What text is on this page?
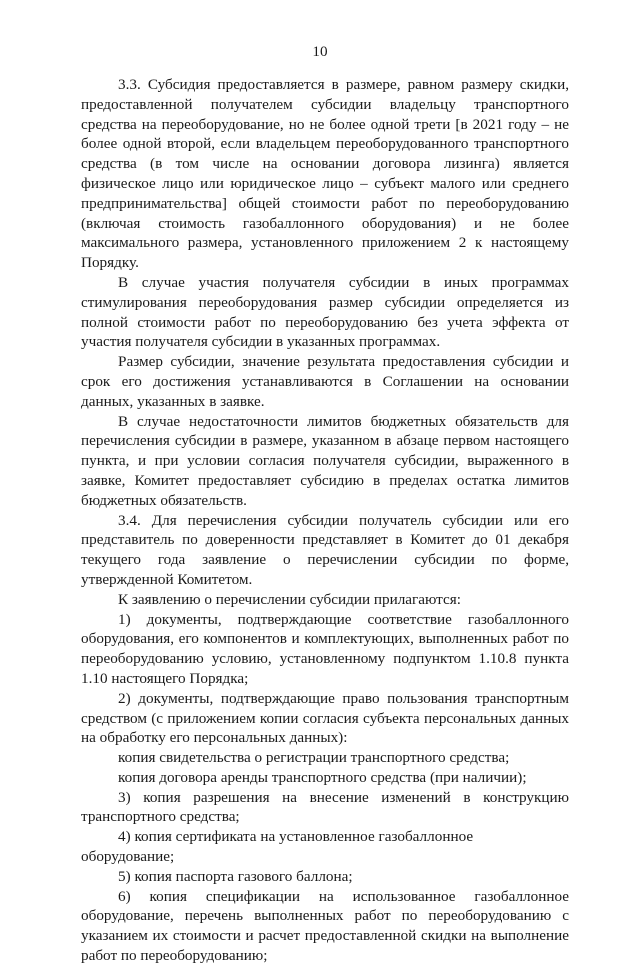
10

3.3. Субсидия предоставляется в размере, равном размеру скидки, предоставленной получателем субсидии владельцу транспортного средства на переоборудование, но не более одной трети [в 2021 году – не более одной второй, если владельцем переоборудованного транспортного средства (в том числе на основании договора лизинга) является физическое лицо или юридическое лицо – субъект малого или среднего предпринимательства] общей стоимости работ по переоборудованию (включая стоимость газобаллонного оборудования) и не более максимального размера, установленного приложением 2 к настоящему Порядку.

В случае участия получателя субсидии в иных программах стимулирования переоборудования размер субсидии определяется из полной стоимости работ по переоборудованию без учета эффекта от участия получателя субсидии в указанных программах.

Размер субсидии, значение результата предоставления субсидии и срок его достижения устанавливаются в Соглашении на основании данных, указанных в заявке.

В случае недостаточности лимитов бюджетных обязательств для перечисления субсидии в размере, указанном в абзаце первом настоящего пункта, и при условии согласия получателя субсидии, выраженного в заявке, Комитет предоставляет субсидию в пределах остатка лимитов бюджетных обязательств.

3.4. Для перечисления субсидии получатель субсидии или его представитель по доверенности представляет в Комитет до 01 декабря текущего года заявление о перечислении субсидии по форме, утвержденной Комитетом.

К заявлению о перечислении субсидии прилагаются:

1) документы, подтверждающие соответствие газобаллонного оборудования, его компонентов и комплектующих, выполненных работ по переоборудованию условию, установленному подпунктом 1.10.8 пункта 1.10 настоящего Порядка;

2) документы, подтверждающие право пользования транспортным средством (с приложением копии согласия субъекта персональных данных на обработку его персональных данных):

копия свидетельства о регистрации транспортного средства;

копия договора аренды транспортного средства (при наличии);

3) копия разрешения на внесение изменений в конструкцию транспортного средства;

4) копия сертификата на установленное газобаллонное оборудование;

5) копия паспорта газового баллона;

6) копия спецификации на использованное газобаллонное оборудование, перечень выполненных работ по переоборудованию с указанием их стоимости и расчет предоставленной скидки на выполнение работ по переоборудованию;
